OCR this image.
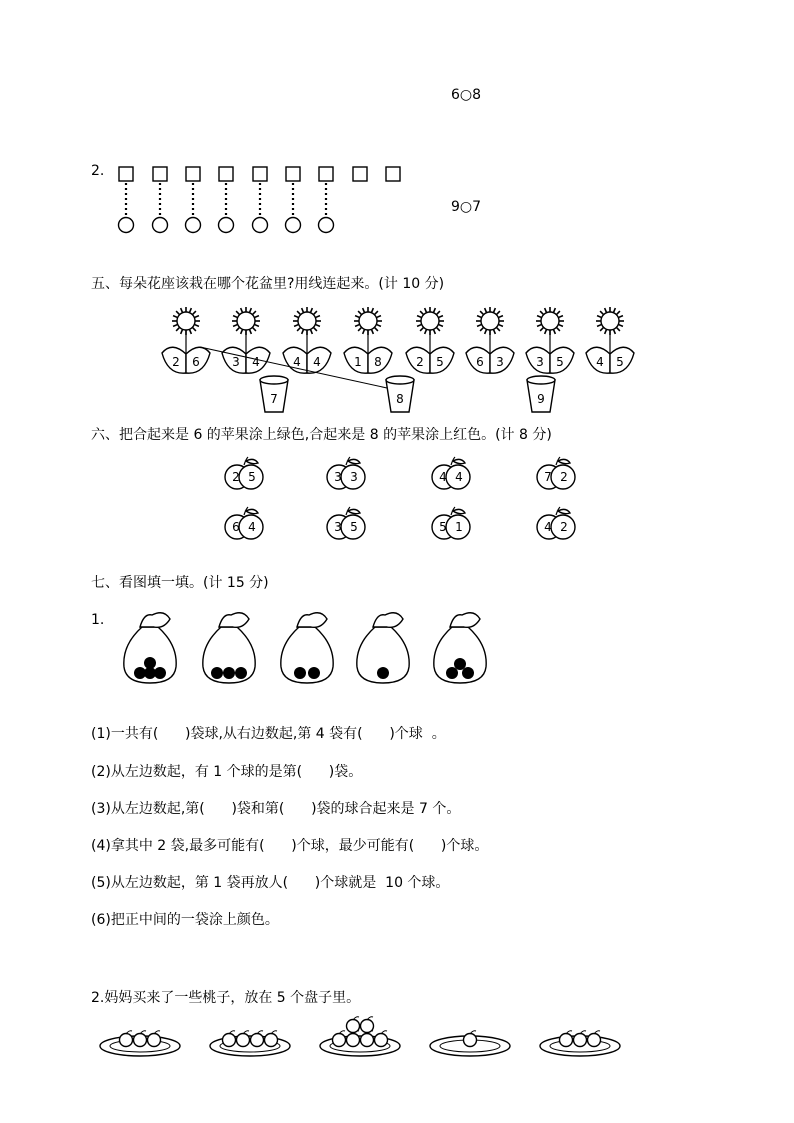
6○8
9○7
2.
五、每朵花座该栽在哪个花盆里?用线连起来。(计 10 分)
2 6	3 4	4 4	1 8	2 5	6 3	3 5	4 5
7	8	9
六、把合起来是 6 的苹果涂上绿色,合起来是 8 的苹果涂上红色。(计 8 分)
2 5	3 3	4 4	7 2
6 4	3 5	5 1	4 2
七、看图填一填。(计 15 分)
1.
(1)一共有(      )袋球,从右边数起,第 4 袋有(      )个球  。
(2)从左边数起，有 1 个球的是第(      )袋。
(3)从左边数起,第(      )袋和第(      )袋的球合起来是 7 个。
(4)拿其中 2 袋,最多可能有(      )个球，最少可能有(      )个球。
(5)从左边数起，第 1 袋再放人(      )个球就是  10 个球。
(6)把正中间的一袋涂上颜色。
2.妈妈买来了一些桃子，放在 5 个盘子里。
